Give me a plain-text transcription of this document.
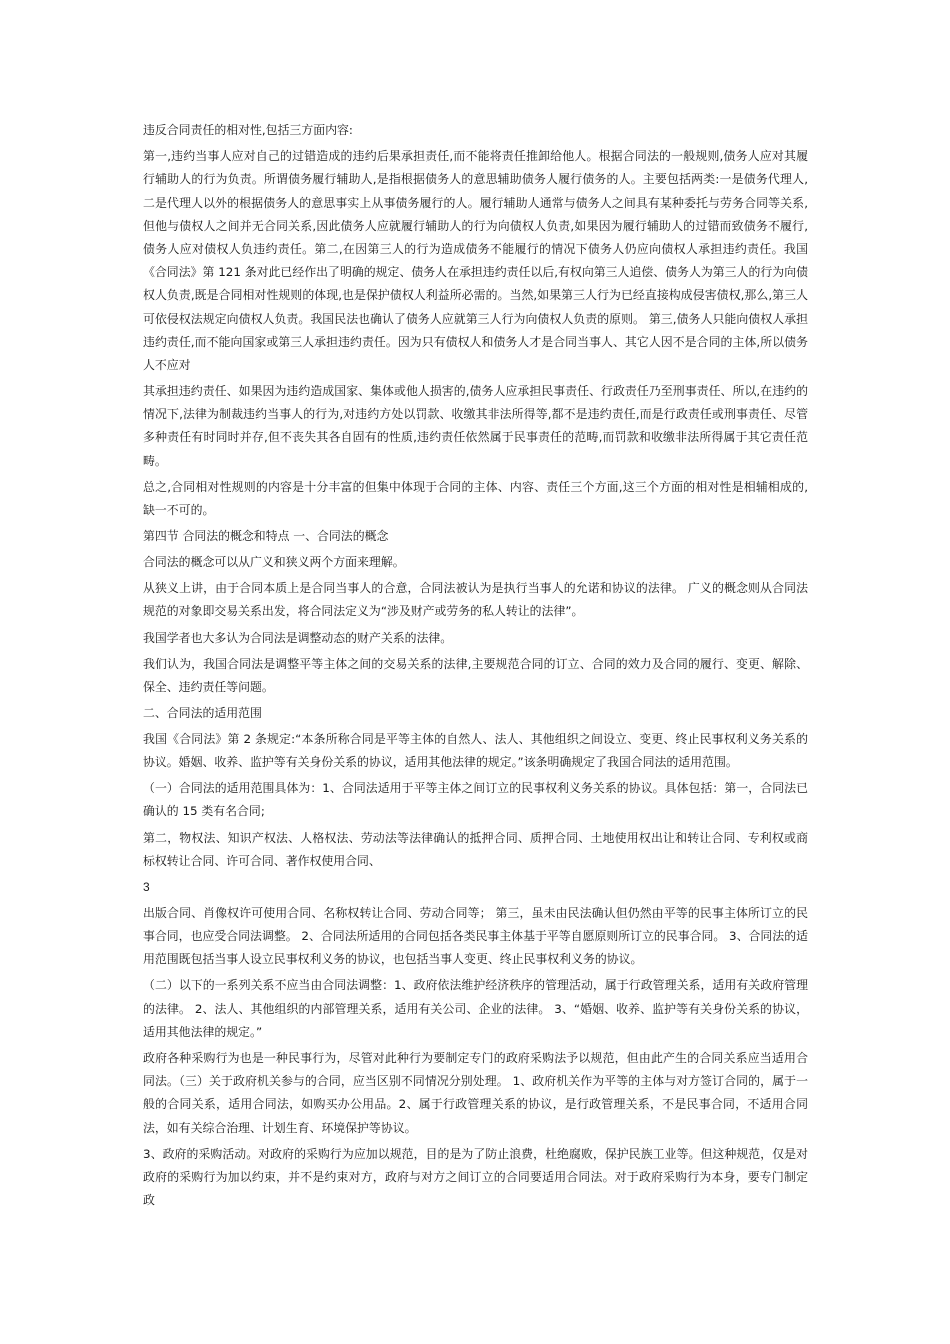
违反合同责任的相对性,包括三方面内容:

第一,违约当事人应对自己的过错造成的违约后果承担责任,而不能将责任推卸给他人。根据合同法的一般规则,债务人应对其履行辅助人的行为负责。所谓债务履行辅助人,是指根据债务人的意思辅助债务人履行债务的人。主要包括两类:一是债务代理人,二是代理人以外的根据债务人的意思事实上从事债务履行的人。履行辅助人通常与债务人之间具有某种委托与劳务合同等关系,但他与债权人之间并无合同关系,因此债务人应就履行辅助人的行为向债权人负责,如果因为履行辅助人的过错而致债务不履行,债务人应对债权人负违约责任。第二,在因第三人的行为造成债务不能履行的情况下债务人仍应向债权人承担违约责任。我国《合同法》第 121 条对此已经作出了明确的规定、债务人在承担违约责任以后,有权向第三人追偿、债务人为第三人的行为向债权人负责,既是合同相对性规则的体现,也是保护债权人利益所必需的。当然,如果第三人行为已经直接构成侵害债权,那么,第三人可依侵权法规定向债权人负责。我国民法也确认了债务人应就第三人行为向债权人负责的原则。 第三,债务人只能向债权人承担违约责任,而不能向国家或第三人承担违约责任。因为只有债权人和债务人才是合同当事人、其它人因不是合同的主体,所以债务人不应对

其承担违约责任、如果因为违约造成国家、集体或他人损害的,债务人应承担民事责任、行政责任乃至刑事责任、所以,在违约的情况下,法律为制裁违约当事人的行为,对违约方处以罚款、收缴其非法所得等,都不是违约责任,而是行政责任或刑事责任、尽管多种责任有时同时并存,但不丧失其各自固有的性质,违约责任依然属于民事责任的范畴,而罚款和收缴非法所得属于其它责任范畴。

总之,合同相对性规则的内容是十分丰富的但集中体现于合同的主体、内容、责任三个方面,这三个方面的相对性是相辅相成的,缺一不可的。

第四节 合同法的概念和特点 一、合同法的概念

合同法的概念可以从广义和狭义两个方面来理解。

从狭义上讲，由于合同本质上是合同当事人的合意，合同法被认为是执行当事人的允诺和协议的法律。 广义的概念则从合同法规范的对象即交易关系出发，将合同法定义为“涉及财产或劳务的私人转让的法律”。

我国学者也大多认为合同法是调整动态的财产关系的法律。

我们认为，我国合同法是调整平等主体之间的交易关系的法律,主要规范合同的订立、合同的效力及合同的履行、变更、解除、保全、违约责任等问题。

二、合同法的适用范围

我国《合同法》第 2 条规定:“本条所称合同是平等主体的自然人、法人、其他组织之间设立、变更、终止民事权利义务关系的协议。婚姻、收养、监护等有关身份关系的协议，适用其他法律的规定。”该条明确规定了我国合同法的适用范围。

（一）合同法的适用范围具体为：1、合同法适用于平等主体之间订立的民事权利义务关系的协议。具体包括：第一，合同法已确认的 15 类有名合同;

第二，物权法、知识产权法、人格权法、劳动法等法律确认的抵押合同、质押合同、土地使用权出让和转让合同、专利权或商标权转让合同、许可合同、著作权使用合同、

3

出版合同、肖像权许可使用合同、名称权转让合同、劳动合同等； 第三，虽未由民法确认但仍然由平等的民事主体所订立的民事合同，也应受合同法调整。 2、合同法所适用的合同包括各类民事主体基于平等自愿原则所订立的民事合同。 3、合同法的适用范围既包括当事人设立民事权利义务的协议，也包括当事人变更、终止民事权利义务的协议。

（二）以下的一系列关系不应当由合同法调整：1、政府依法维护经济秩序的管理活动，属于行政管理关系，适用有关政府管理的法律。 2、法人、其他组织的内部管理关系，适用有关公司、企业的法律。 3、“婚姻、收养、监护等有关身份关系的协议，适用其他法律的规定。”

政府各种采购行为也是一种民事行为，尽管对此种行为要制定专门的政府采购法予以规范，但由此产生的合同关系应当适用合同法。（三）关于政府机关参与的合同，应当区别不同情况分别处理。 1、政府机关作为平等的主体与对方签订合同的，属于一般的合同关系，适用合同法，如购买办公用品。2、属于行政管理关系的协议，是行政管理关系，不是民事合同，不适用合同法，如有关综合治理、计划生育、环境保护等协议。

3、政府的采购活动。对政府的采购行为应加以规范，目的是为了防止浪费，杜绝腐败，保护民族工业等。但这种规范，仅是对政府的采购行为加以约束，并不是约束对方，政府与对方之间订立的合同要适用合同法。对于政府采购行为本身，要专门制定政
